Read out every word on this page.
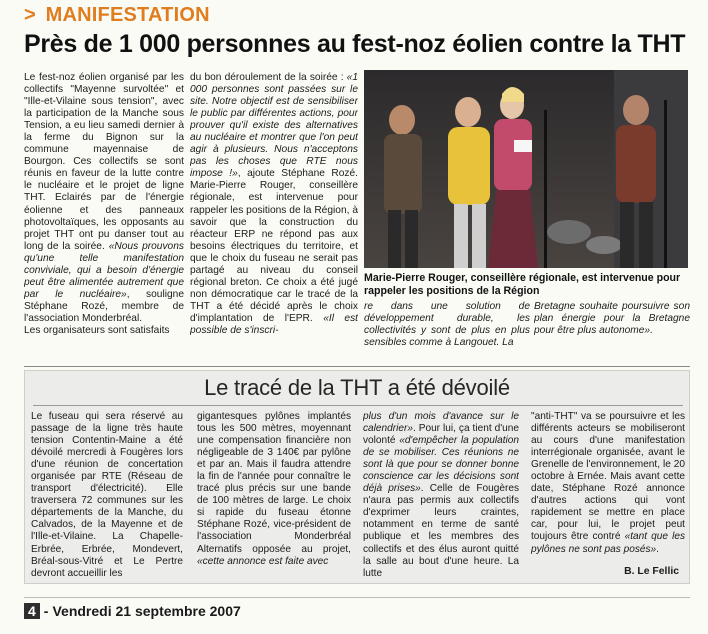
> MANIFESTATION
Près de 1 000 personnes au fest-noz éolien contre la THT

Le fest-noz éolien organisé par les collectifs "Mayenne survoltée" et "Ille-et-Vilaine sous tension", avec la participation de la Manche sous Tension, a eu lieu samedi dernier à la ferme du Bignon sur la commune mayennaise de Bourgon. Ces collectifs se sont réunis en faveur de la lutte contre le nucléaire et le projet de ligne THT. Eclairés par de l'énergie éolienne et des panneaux photovoltaïques, les opposants au projet THT ont pu danser tout au long de la soirée. «Nous prouvons qu'une telle manifestation conviviale, qui a besoin d'énergie peut être alimentée autrement que par le nucléaire», souligne Stéphane Rozé, membre de l'association Monderbréal.

Les organisateurs sont satisfaits

du bon déroulement de la soirée : «1 000 personnes sont passées sur le site. Notre objectif est de sensibiliser le public par différentes actions, pour prouver qu'il existe des alternatives au nucléaire et montrer que l'on peut agir à plusieurs. Nous n'acceptons pas les choses que RTE nous impose !», ajoute Stéphane Rozé. Marie-Pierre Rouger, conseillère régionale, est intervenue pour rappeler les positions de la Région, à savoir que la construction du réacteur ERP ne répond pas aux besoins électriques du territoire, et que le choix du fuseau ne serait pas partagé au niveau du conseil régional breton. Ce choix a été jugé non démocratique car le tracé de la THT a été décidé après le choix d'implantation de l'EPR. «Il est possible de s'inscri-

Marie-Pierre Rouger, conseillère régionale, est intervenue pour rappeler les positions de la Région

re dans une solution de développement durable, les collectivités y sont de plus en plus sensibles comme à Langouet. La

Bretagne souhaite poursuivre son plan énergie pour la Bretagne pour être plus autonome».

Le tracé de la THT a été dévoilé
Le fuseau qui sera réservé au passage de la ligne très haute tension Contentin-Maine a été dévoilé mercredi à Fougères lors d'une réunion de concertation organisée par RTE (Réseau de transport d'électricité). Elle traversera 72 communes sur les départements de la Manche, du Calvados, de la Mayenne et de l'Ille-et-Vilaine. La Chapelle-Erbrée, Erbrée, Mondevert, Bréal-sous-Vitré et Le Pertre devront accueillir les
gigantesques pylônes implantés tous les 500 mètres, moyennant une compensation financière non négligeable de 3 140€ par pylône et par an. Mais il faudra attendre la fin de l'année pour connaître le tracé plus précis sur une bande de 100 mètres de large. Le choix si rapide du fuseau étonne Stéphane Rozé, vice-président de l'association Monderbréal Alternatifs opposée au projet, «cette annonce est faite avec
plus d'un mois d'avance sur le calendrier». Pour lui, ça tient d'une volonté «d'empêcher la population de se mobiliser. Ces réunions ne sont là que pour se donner bonne conscience car les décisions sont déjà prises». Celle de Fougères n'aura pas permis aux collectifs d'exprimer leurs craintes, notamment en terme de santé publique et les membres des collectifs et des élus auront quitté la salle au bout d'une heure. La lutte
"anti-THT" va se poursuivre et les différents acteurs se mobiliseront au cours d'une manifestation interrégionale organisée, avant le Grenelle de l'environnement, le 20 octobre à Ernée. Mais avant cette date, Stéphane Rozé annonce d'autres actions qui vont rapidement se mettre en place car, pour lui, le projet peut toujours être contré «tant que les pylônes ne sont pas posés».
B. Le Fellic
4 - Vendredi 21 septembre 2007
